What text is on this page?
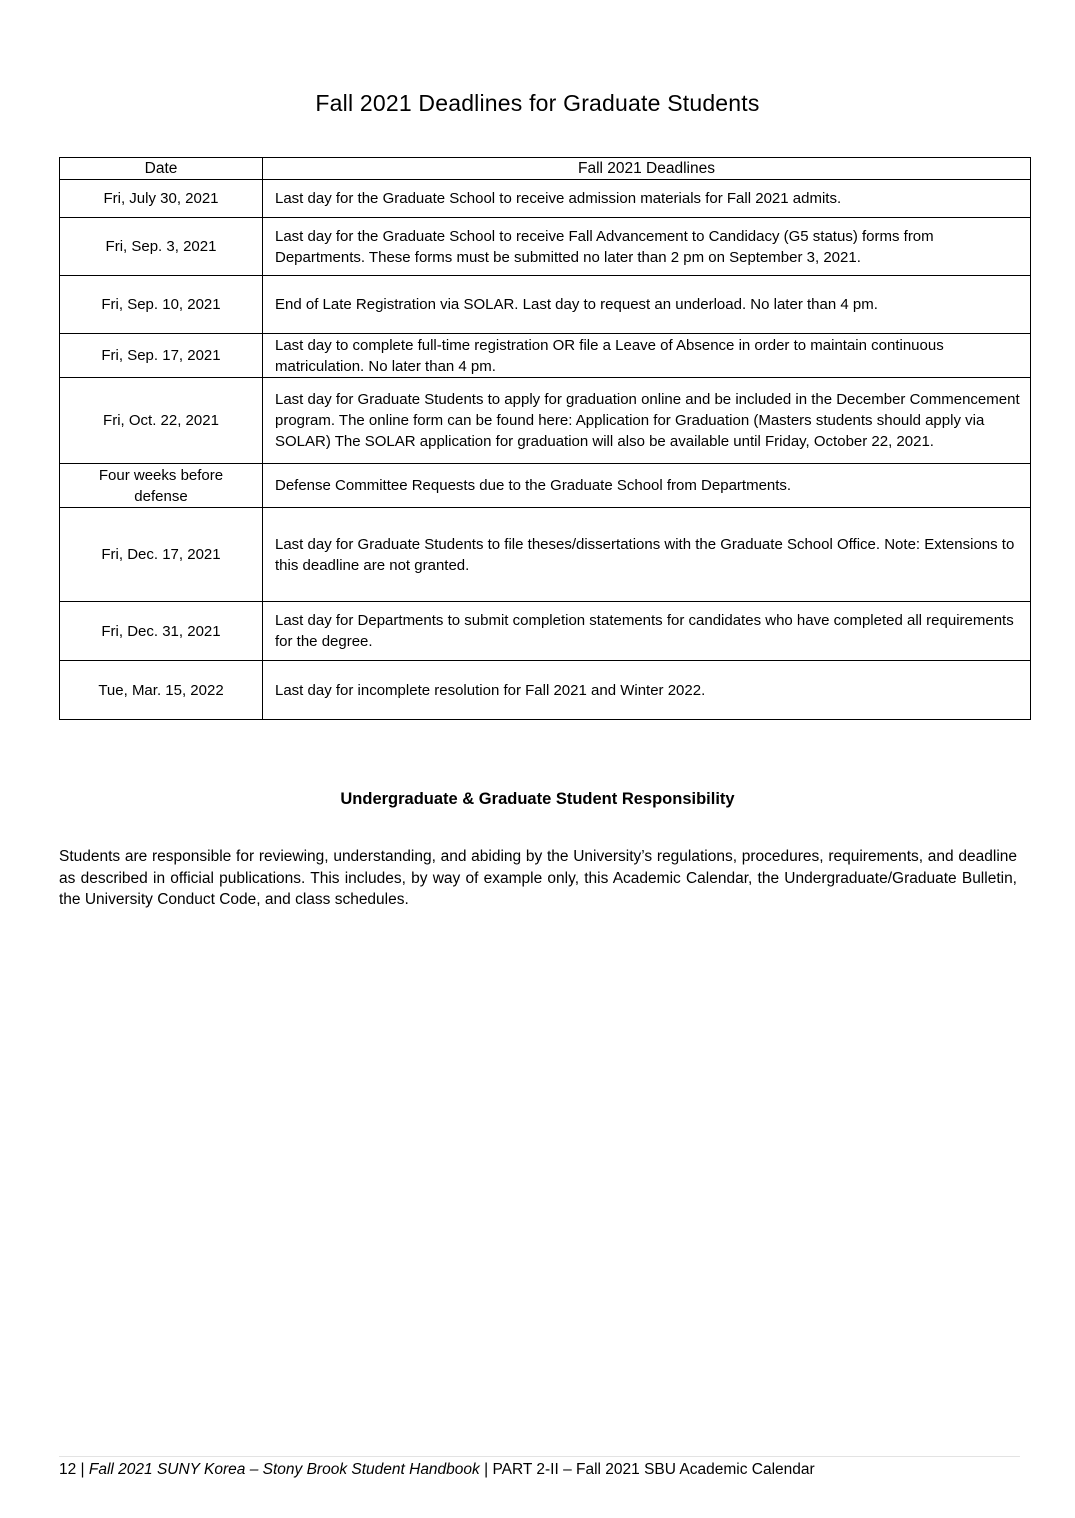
Fall 2021 Deadlines for Graduate Students
Date	Fall 2021 Deadlines
Fri, July 30, 2021	Last day for the Graduate School to receive admission materials for Fall 2021 admits.
Fri, Sep. 3, 2021	Last day for the Graduate School to receive Fall Advancement to Candidacy (G5 status) forms from Departments. These forms must be submitted no later than 2 pm on September 3, 2021.
Fri, Sep. 10, 2021	End of Late Registration via SOLAR. Last day to request an underload. No later than 4 pm.
Fri, Sep. 17, 2021	Last day to complete full-time registration OR file a Leave of Absence in order to maintain continuous matriculation. No later than 4 pm.
Fri, Oct. 22, 2021	Last day for Graduate Students to apply for graduation online and be included in the December Commencement program. The online form can be found here: Application for Graduation (Masters students should apply via SOLAR) The SOLAR application for graduation will also be available until Friday, October 22, 2021.
Four weeks before defense	Defense Committee Requests due to the Graduate School from Departments.
Fri, Dec. 17, 2021	Last day for Graduate Students to file theses/dissertations with the Graduate School Office. Note: Extensions to this deadline are not granted.
Fri, Dec. 31, 2021	Last day for Departments to submit completion statements for candidates who have completed all requirements for the degree.
Tue, Mar. 15, 2022	Last day for incomplete resolution for Fall 2021 and Winter 2022.
Undergraduate & Graduate Student Responsibility
Students are responsible for reviewing, understanding, and abiding by the University’s regulations, procedures, requirements, and deadline as described in official publications. This includes, by way of example only, this Academic Calendar, the Undergraduate/Graduate Bulletin, the University Conduct Code, and class schedules.
12 | Fall 2021 SUNY Korea – Stony Brook Student Handbook | PART 2-II – Fall 2021 SBU Academic Calendar
